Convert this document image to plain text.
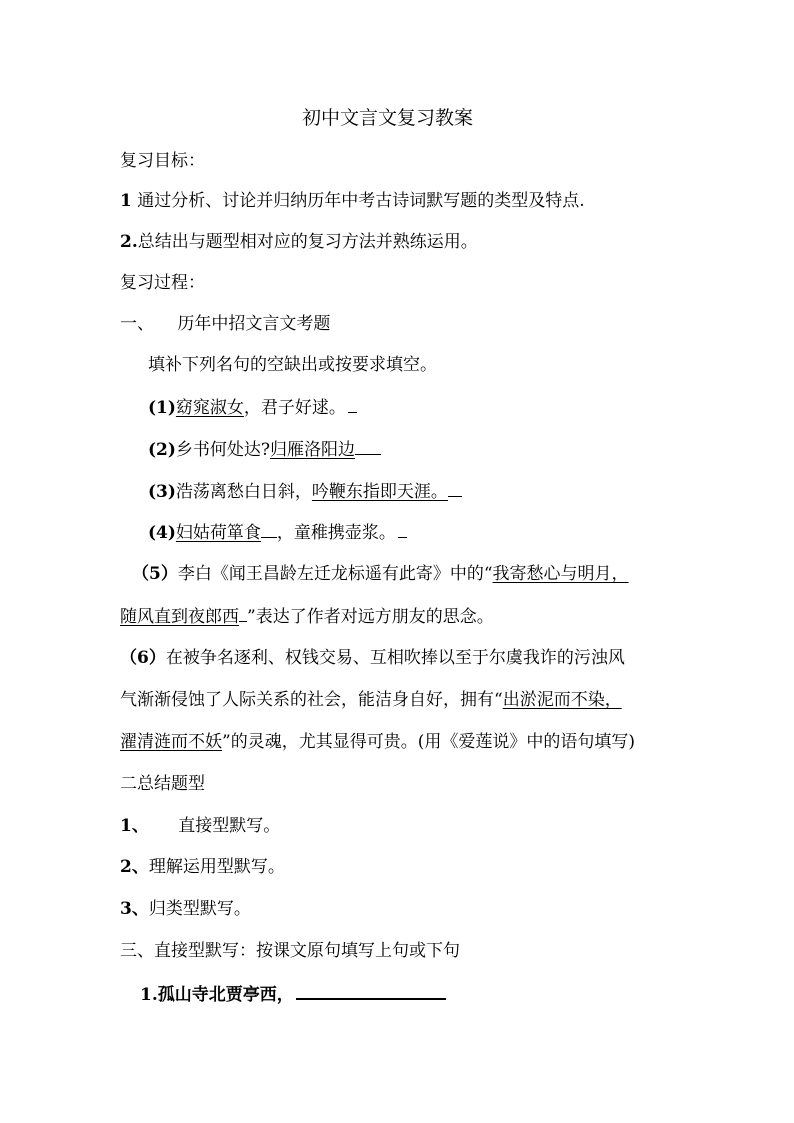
初中文言文复习教案
复习目标：
1 通过分析、讨论并归纳历年中考古诗词默写题的类型及特点.
2.总结出与题型相对应的复习方法并熟练运用。
复习过程：
一、 历年中招文言文考题
填补下列名句的空缺出或按要求填空。
(1)窈窕淑女，君子好逑。
(2)乡书何处达?归雁洛阳边
(3)浩荡离愁白日斜，吟鞭东指即天涯。
(4)妇姑荷箪食 ，童稚携壶浆。
（5）李白《闻王昌龄左迁龙标遥有此寄》中的“我寄愁心与明月，
随风直到夜郎西 ”表达了作者对远方朋友的思念。
（6）在被争名逐利、权钱交易、互相吹捧以至于尔虞我诈的污浊风
气渐渐侵蚀了人际关系的社会，能洁身自好，拥有“出淤泥而不染，
濯清涟而不妖”的灵魂，尤其显得可贵。(用《爱莲说》中的语句填写)
二总结题型
1、 直接型默写。
2、理解运用型默写。
3、归类型默写。
三、直接型默写：按课文原句填写上句或下句
1.孤山寺北贾亭西，
